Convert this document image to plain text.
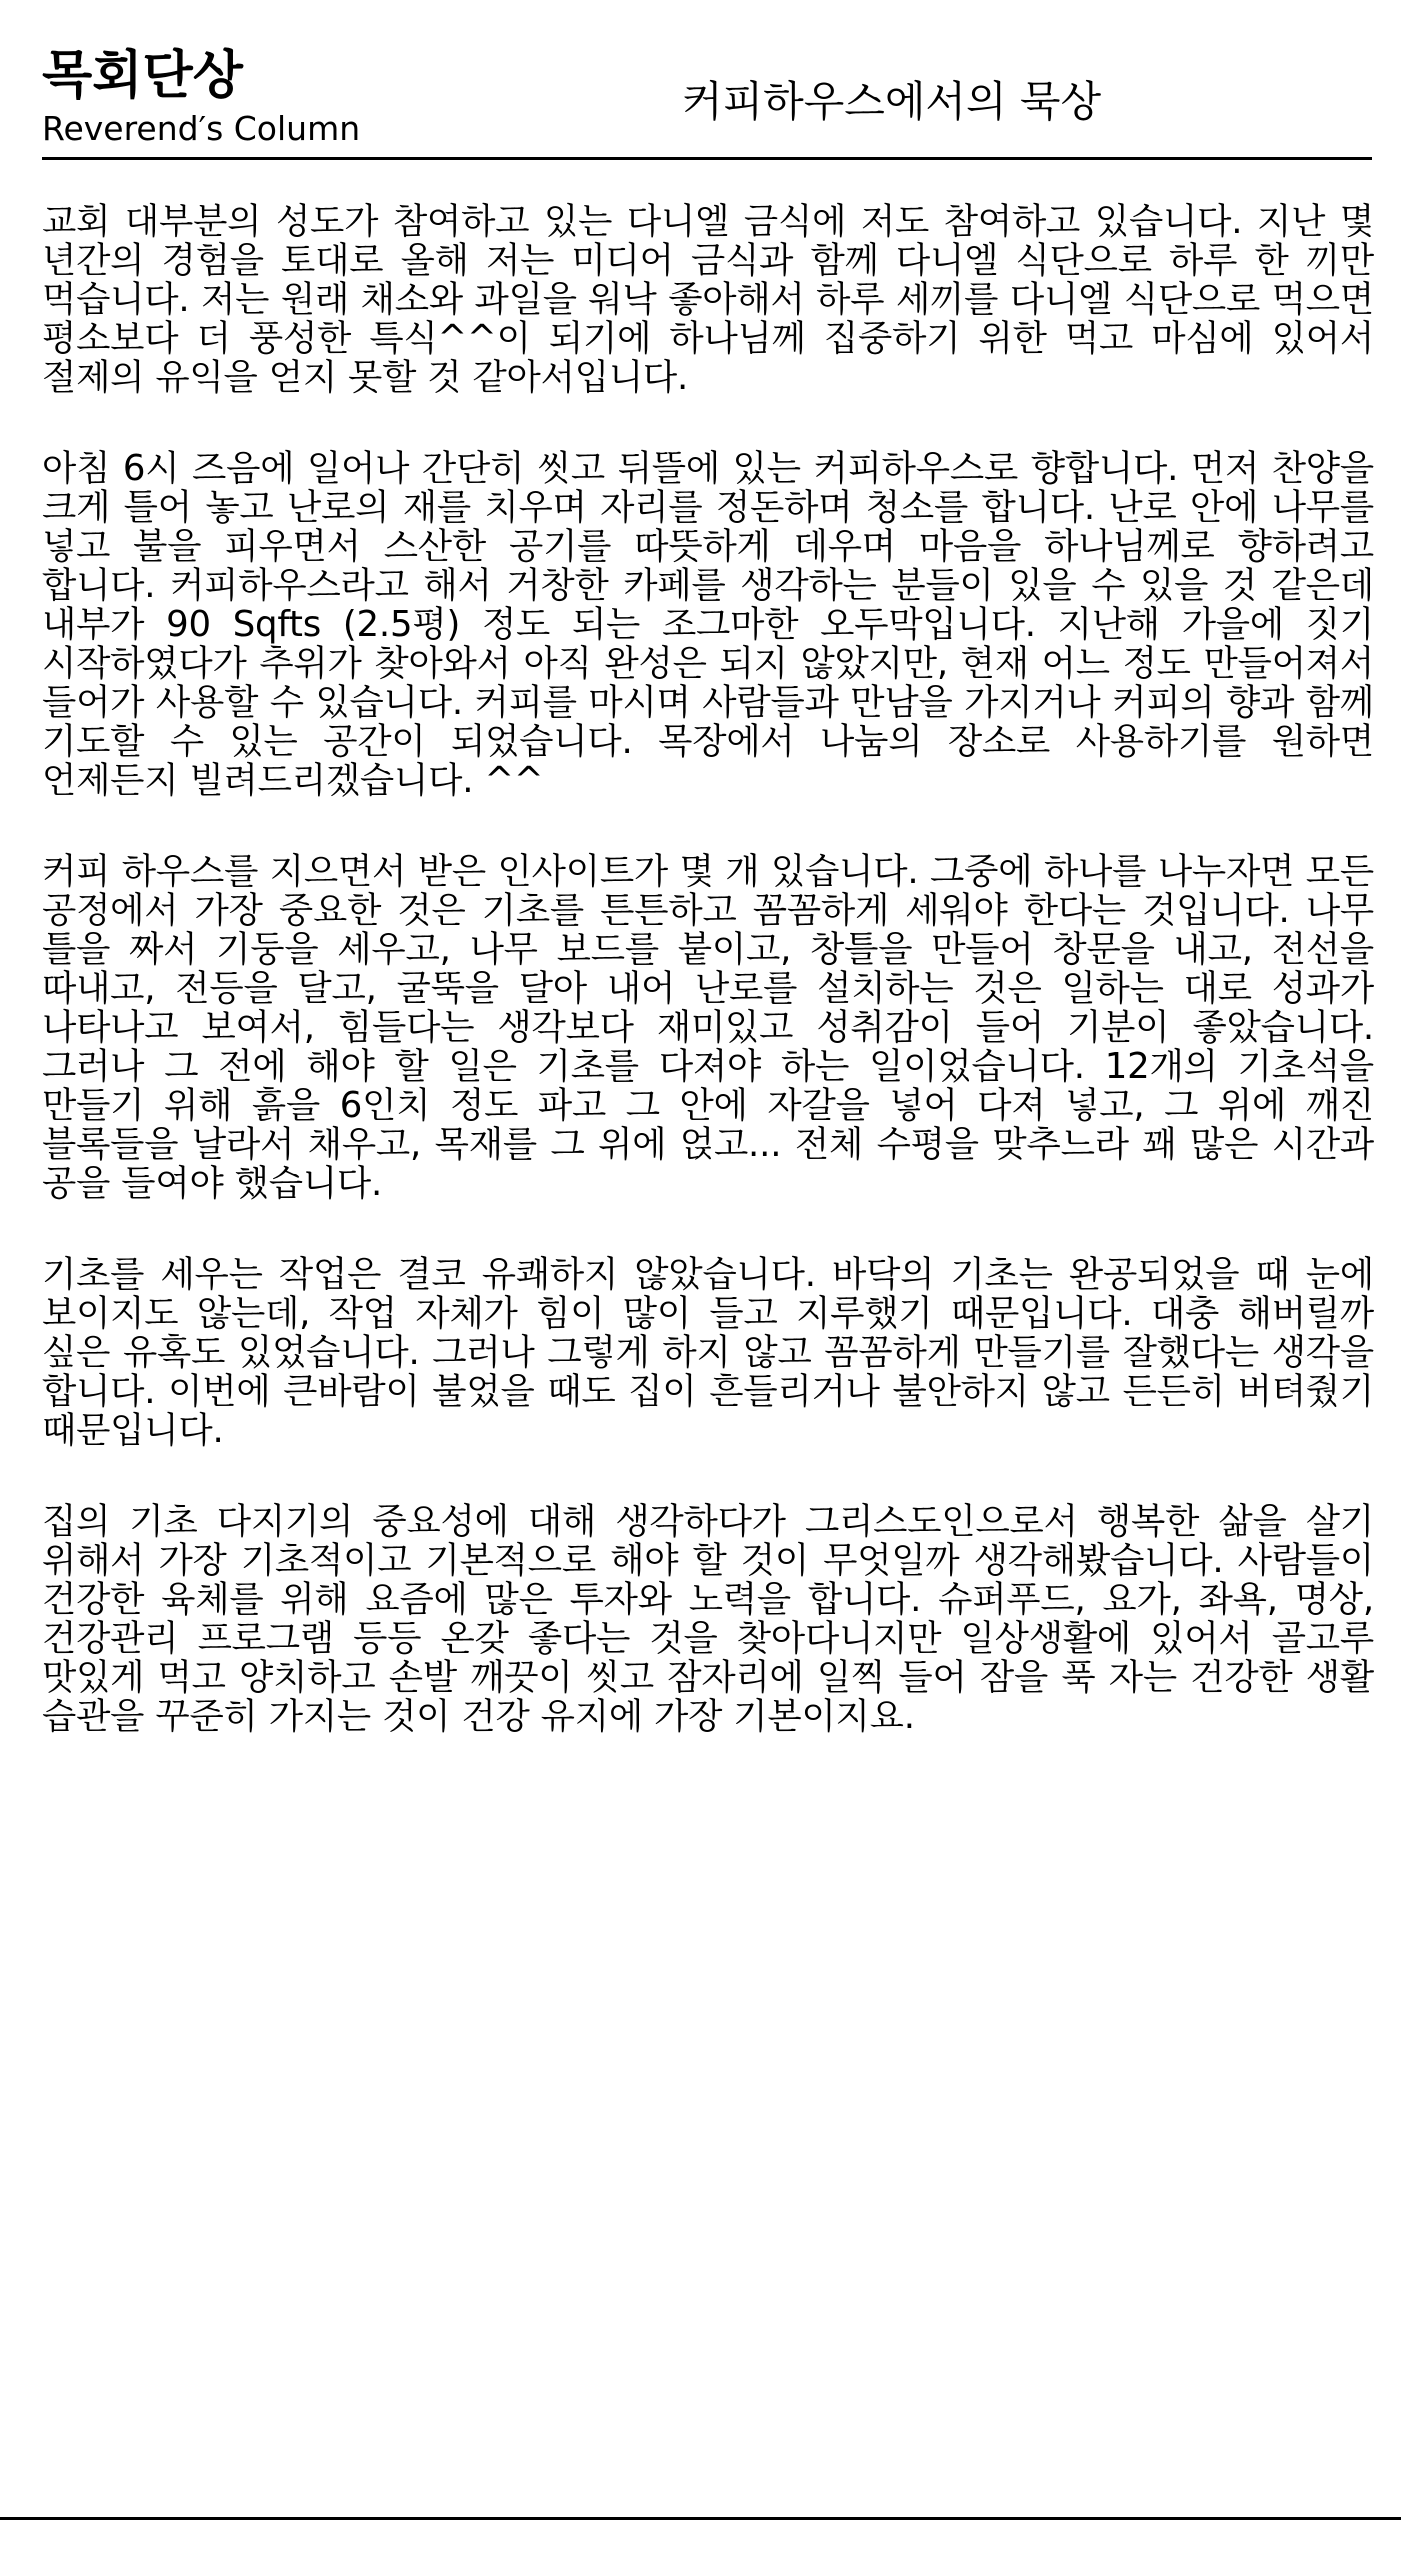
목회단상
Reverend′s Column
커피하우스에서의 묵상

교회 대부분의 성도가 참여하고 있는 다니엘 금식에 저도 참여하고 있습니다. 지난 몇 년간의 경험을 토대로 올해 저는 미디어 금식과 함께 다니엘 식단으로 하루 한 끼만 먹습니다. 저는 원래 채소와 과일을 워낙 좋아해서 하루 세끼를 다니엘 식단으로 먹으면 평소보다 더 풍성한 특식^^이 되기에 하나님께 집중하기 위한 먹고 마심에 있어서 절제의 유익을 얻지 못할 것 같아서입니다.

아침 6시 즈음에 일어나 간단히 씻고 뒤뜰에 있는 커피하우스로 향합니다. 먼저 찬양을 크게 틀어 놓고 난로의 재를 치우며 자리를 정돈하며 청소를 합니다. 난로 안에 나무를 넣고 불을 피우면서 스산한 공기를 따뜻하게 데우며 마음을 하나님께로 향하려고 합니다. 커피하우스라고 해서 거창한 카페를 생각하는 분들이 있을 수 있을 것 같은데 내부가 90 Sqfts (2.5평) 정도 되는 조그마한 오두막입니다. 지난해 가을에 짓기 시작하였다가 추위가 찾아와서 아직 완성은 되지 않았지만, 현재 어느 정도 만들어져서 들어가 사용할 수 있습니다. 커피를 마시며 사람들과 만남을 가지거나 커피의 향과 함께 기도할 수 있는 공간이 되었습니다. 목장에서 나눔의 장소로 사용하기를 원하면 언제든지 빌려드리겠습니다. ^^

커피 하우스를 지으면서 받은 인사이트가 몇 개 있습니다. 그중에 하나를 나누자면 모든 공정에서 가장 중요한 것은 기초를 튼튼하고 꼼꼼하게 세워야 한다는 것입니다. 나무 틀을 짜서 기둥을 세우고, 나무 보드를 붙이고, 창틀을 만들어 창문을 내고, 전선을 따내고, 전등을 달고, 굴뚝을 달아 내어 난로를 설치하는 것은 일하는 대로 성과가 나타나고 보여서, 힘들다는 생각보다 재미있고 성취감이 들어 기분이 좋았습니다. 그러나 그 전에 해야 할 일은 기초를 다져야 하는 일이었습니다. 12개의 기초석을 만들기 위해 흙을 6인치 정도 파고 그 안에 자갈을 넣어 다져 넣고, 그 위에 깨진 블록들을 날라서 채우고, 목재를 그 위에 얹고... 전체 수평을 맞추느라 꽤 많은 시간과 공을 들여야 했습니다.

기초를 세우는 작업은 결코 유쾌하지 않았습니다. 바닥의 기초는 완공되었을 때 눈에 보이지도 않는데, 작업 자체가 힘이 많이 들고 지루했기 때문입니다. 대충 해버릴까 싶은 유혹도 있었습니다. 그러나 그렇게 하지 않고 꼼꼼하게 만들기를 잘했다는 생각을 합니다. 이번에 큰바람이 불었을 때도 집이 흔들리거나 불안하지 않고 든든히 버텨줬기 때문입니다.

집의 기초 다지기의 중요성에 대해 생각하다가 그리스도인으로서 행복한 삶을 살기 위해서 가장 기초적이고 기본적으로 해야 할 것이 무엇일까 생각해봤습니다. 사람들이 건강한 육체를 위해 요즘에 많은 투자와 노력을 합니다. 슈퍼푸드, 요가, 좌욕, 명상, 건강관리 프로그램 등등 온갖 좋다는 것을 찾아다니지만 일상생활에 있어서 골고루 맛있게 먹고 양치하고 손발 깨끗이 씻고 잠자리에 일찍 들어 잠을 푹 자는 건강한 생활 습관을 꾸준히 가지는 것이 건강 유지에 가장 기본이지요.
